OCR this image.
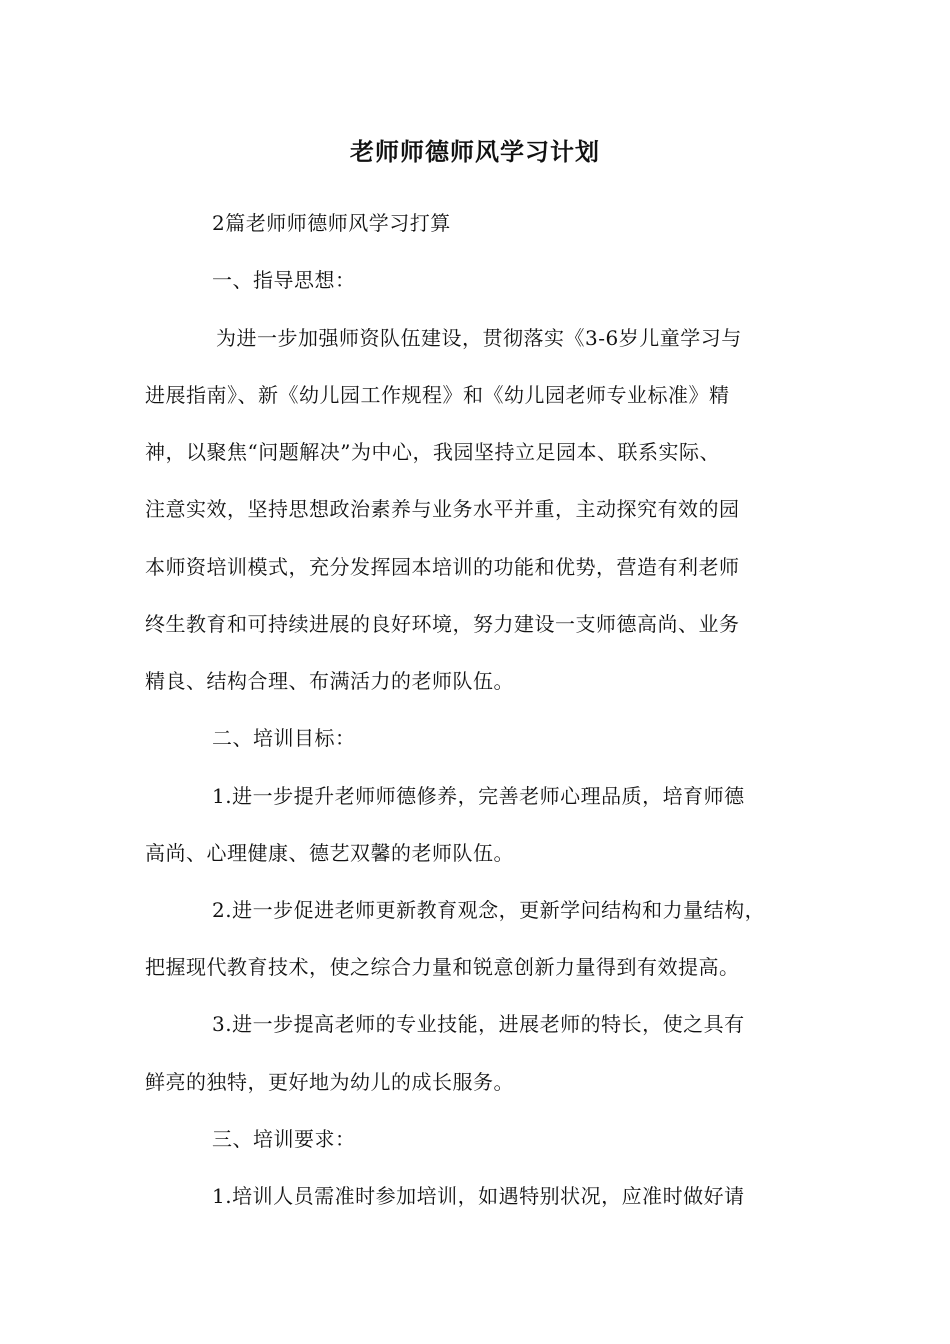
老师师德师风学习计划
2篇老师师德师风学习打算
一、指导思想：
为进一步加强师资队伍建设，贯彻落实《3-6岁儿童学习与
进展指南》、新《幼儿园工作规程》和《幼儿园老师专业标准》精
神，以聚焦“问题解决”为中心，我园坚持立足园本、联系实际、
注意实效，坚持思想政治素养与业务水平并重，主动探究有效的园
本师资培训模式，充分发挥园本培训的功能和优势，营造有利老师
终生教育和可持续进展的良好环境，努力建设一支师德高尚、业务
精良、结构合理、布满活力的老师队伍。
二、培训目标：
1.进一步提升老师师德修养，完善老师心理品质，培育师德
高尚、心理健康、德艺双馨的老师队伍。
2.进一步促进老师更新教育观念，更新学问结构和力量结构，
把握现代教育技术，使之综合力量和锐意创新力量得到有效提高。
3.进一步提高老师的专业技能，进展老师的特长，使之具有
鲜亮的独特，更好地为幼儿的成长服务。
三、培训要求：
1.培训人员需准时参加培训，如遇特别状况，应准时做好请
